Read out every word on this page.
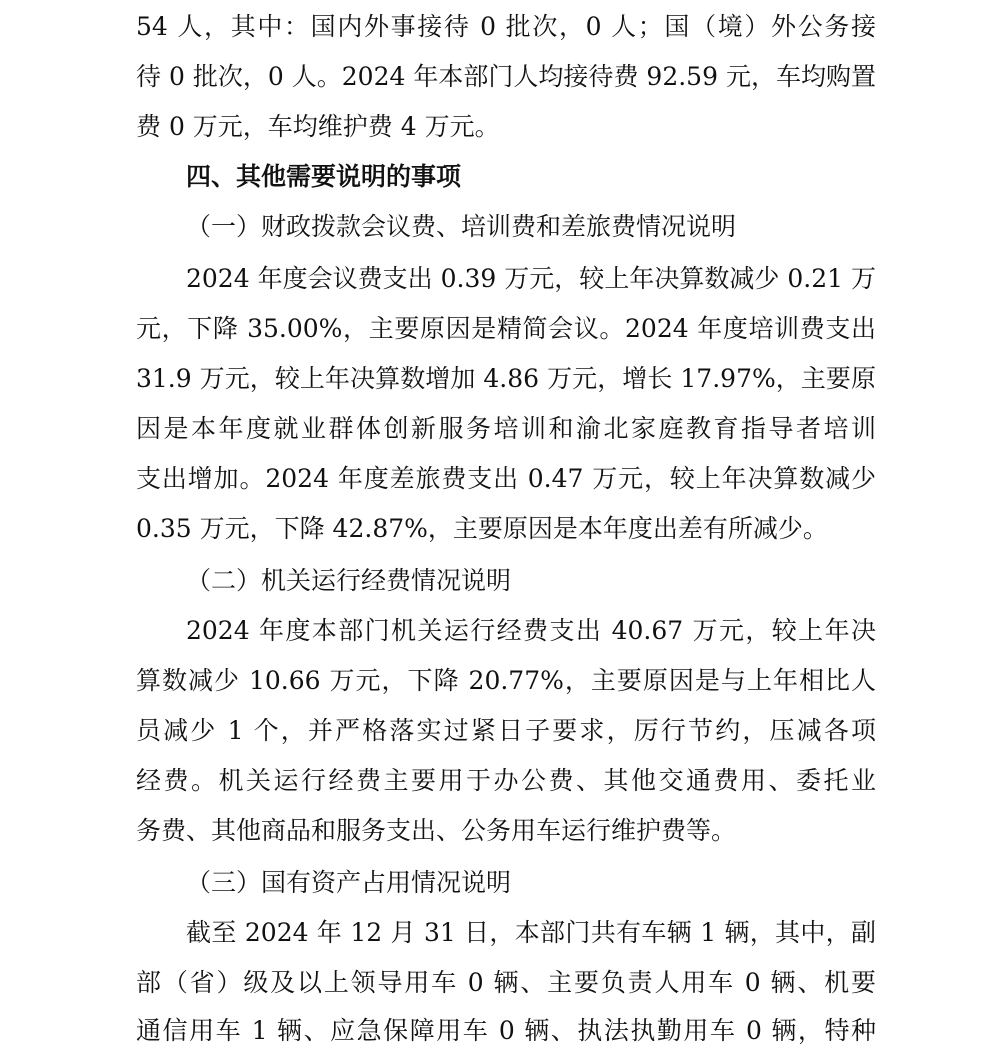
54 人，其中：国内外事接待 0 批次，0 人；国（境）外公务接
待 0 批次，0 人。2024 年本部门人均接待费 92.59 元，车均购置
费 0 万元，车均维护费 4 万元。
四、其他需要说明的事项
（一）财政拨款会议费、培训费和差旅费情况说明
2024 年度会议费支出 0.39 万元，较上年决算数减少 0.21 万
元，下降 35.00%，主要原因是精简会议。2024 年度培训费支出
31.9 万元，较上年决算数增加 4.86 万元，增长 17.97%，主要原
因是本年度就业群体创新服务培训和渝北家庭教育指导者培训
支出增加。2024 年度差旅费支出 0.47 万元，较上年决算数减少
0.35 万元，下降 42.87%，主要原因是本年度出差有所减少。
（二）机关运行经费情况说明
2024 年度本部门机关运行经费支出 40.67 万元，较上年决
算数减少 10.66 万元，下降 20.77%，主要原因是与上年相比人
员减少 1 个，并严格落实过紧日子要求，厉行节约，压减各项
经费。机关运行经费主要用于办公费、其他交通费用、委托业
务费、其他商品和服务支出、公务用车运行维护费等。
（三）国有资产占用情况说明
截至 2024 年 12 月 31 日，本部门共有车辆 1 辆，其中，副
部（省）级及以上领导用车 0 辆、主要负责人用车 0 辆、机要
通信用车 1 辆、应急保障用车 0 辆、执法执勤用车 0 辆，特种
